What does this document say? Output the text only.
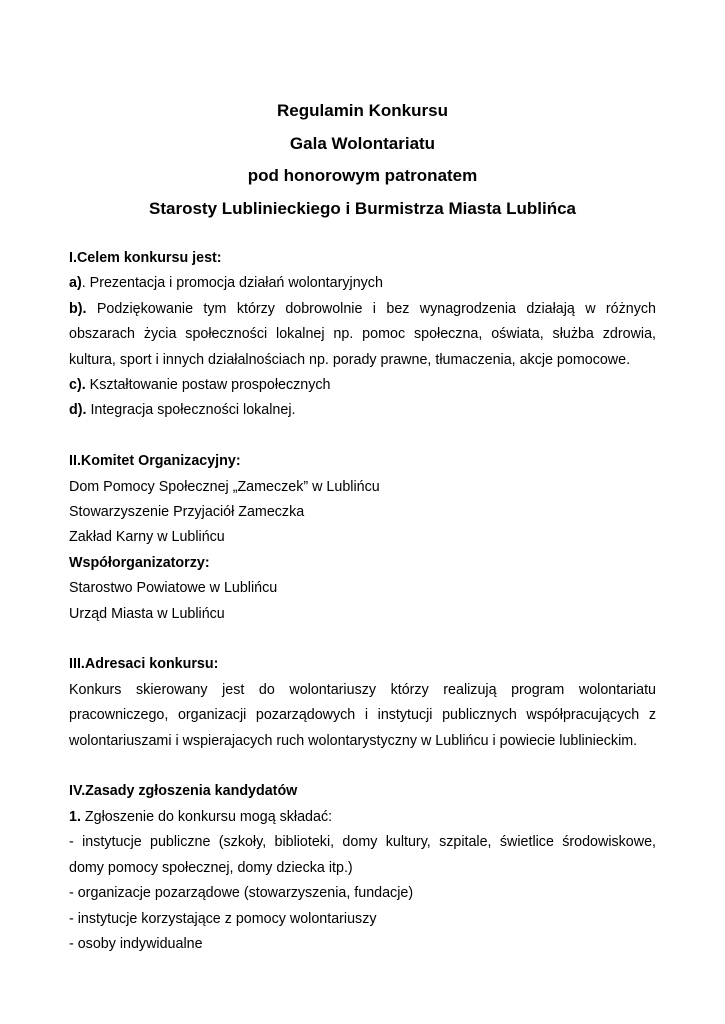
Regulamin Konkursu
Gala Wolontariatu
pod honorowym patronatem
Starosty Lublinieckiego i Burmistrza Miasta Lublińca
I.Celem konkursu jest:
a). Prezentacja i promocja działań wolontaryjnych
b). Podziękowanie tym którzy dobrowolnie i bez wynagrodzenia działają w różnych
obszarach życia społeczności lokalnej np. pomoc społeczna, oświata, służba zdrowia,
kultura, sport i innych działalnościach np. porady prawne, tłumaczenia, akcje pomocowe.
c). Kształtowanie postaw prospołecznych
d). Integracja społeczności lokalnej.
II.Komitet Organizacyjny:
Dom Pomocy Społecznej „Zameczek” w Lublińcu
Stowarzyszenie Przyjaciół Zameczka
Zakład Karny w Lublińcu
Współorganizatorzy:
Starostwo Powiatowe w Lublińcu
Urząd Miasta w Lublińcu
III.Adresaci konkursu:
Konkurs skierowany jest do wolontariuszy którzy realizują program wolontariatu
pracowniczego, organizacji pozarządowych i instytucji publicznych współpracujących z
wolontariuszami i wspierajacych ruch wolontarystyczny w Lublińcu i powiecie lublinieckim.
IV.Zasady zgłoszenia kandydatów
1. Zgłoszenie do konkursu mogą składać:
- instytucje publiczne (szkoły, biblioteki, domy kultury, szpitale, świetlice środowiskowe,
domy pomocy społecznej, domy dziecka itp.)
- organizacje pozarządowe (stowarzyszenia, fundacje)
- instytucje korzystające z pomocy wolontariuszy
- osoby indywidualne
